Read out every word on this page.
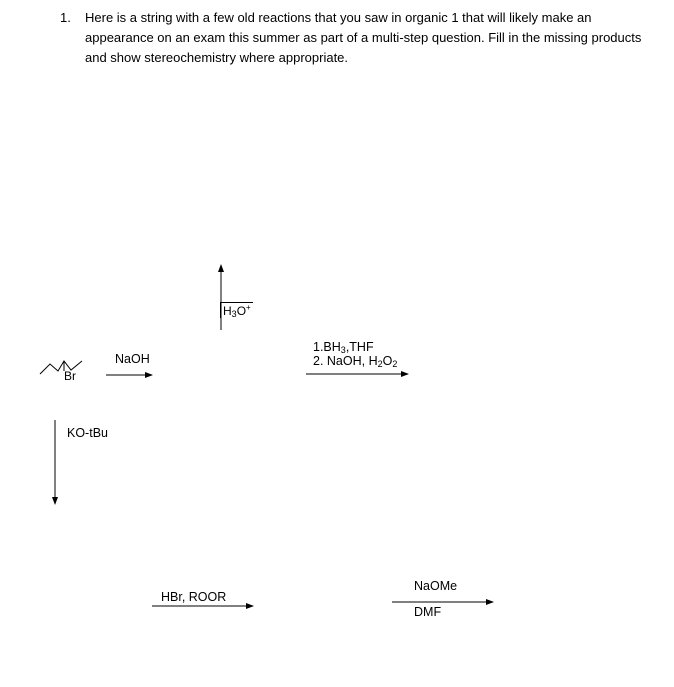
1. Here is a string with a few old reactions that you saw in organic 1 that will likely make an appearance on an exam this summer as part of a multi-step question. Fill in the missing products and show stereochemistry where appropriate.
Br
NaOH
$H_3O^+$
$1.BH_3,THF$
2. NaOH, $H_2O_2$
KO-tBu
HBr, ROOR
NaOMe
DMF
